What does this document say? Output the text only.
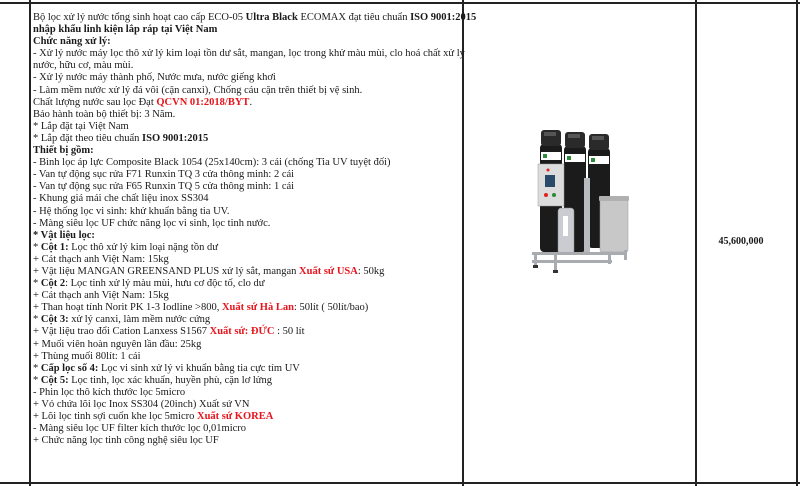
Bộ lọc xử lý nước tổng sinh hoạt cao cấp ECO-05 Ultra Black ECOMAX đạt tiêu chuẩn ISO 9001:2015
nhập khẩu linh kiện lắp ráp tại Việt Nam
Chức năng xử lý:
- Xử lý nước máy lọc thô xử lý kim loại tồn dư sắt, mangan, lọc trong khử màu mùi, clo hoá chất xử lý
nước, hữu cơ, màu mùi.
- Xử lý nước máy thành phố, Nước mưa, nước giếng khơi
- Làm mềm nước xử lý đá vôi (cặn canxi), Chống cáu cặn trên thiết bị vệ sinh.
Chất lượng nước sau lọc Đạt QCVN 01:2018/BYT.
Bảo hành toàn bộ thiết bị: 3 Năm.
* Lắp đặt tại Việt Nam
* Lắp đặt theo tiêu chuẩn ISO 9001:2015
Thiết bị gồm:
- Bình lọc áp lực Composite Black 1054 (25x140cm): 3 cái (chống Tia UV tuyệt đối)
- Van tự động sục rửa F71 Runxin TQ 3 cửa thông minh: 2 cái
- Van tự động sục rửa F65 Runxin TQ 5 cửa thông minh: 1 cái
- Khung giá mái che chất liệu inox SS304
- Hệ thống lọc vi sinh: khử khuẩn bằng tia UV.
- Màng siêu lọc UF chức năng lọc vi sinh, lọc tinh nước.
* Vật liệu lọc:
* Cột 1: Lọc thô xử lý kim loại nặng tồn dư
+ Cát thạch anh Việt Nam: 15kg
+ Vật liệu MANGAN GREENSAND PLUS xử lý sắt, mangan Xuất sứ USA: 50kg
* Cột 2: Lọc tinh xử lý màu mùi, hưu cơ độc tố, clo dư
+ Cát thạch anh Việt Nam: 15kg
+ Than hoạt tính Norit PK 1-3 Iodline >800, Xuất sứ Hà Lan: 50lít ( 50lít/bao)
* Cột 3: xử lý canxi, làm mềm nước cứng
+ Vật liệu trao đổi Cation Lanxess S1567 Xuất sứ: ĐỨC : 50 lít
+ Muối viên hoàn nguyên lần đầu: 25kg
+ Thùng muối 80lít: 1 cái
* Cấp lọc số 4: Lọc vi sinh xử lý vi khuẩn bằng tia cực tím UV
* Cột 5: Lọc tinh, lọc xác khuẩn, huyền phù, cặn lơ lửng
- Phin lọc thô kích thước lọc 5micro
+ Vỏ chứa lõi lọc Inox SS304 (20inch) Xuất sứ VN
+ Lõi lọc tinh sợi cuốn khe lọc 5micro Xuất sứ KOREA
- Màng siêu lọc UF filter kích thước lọc 0,01micro
+ Chức năng lọc tinh công nghệ siêu lọc UF
45,600,000
